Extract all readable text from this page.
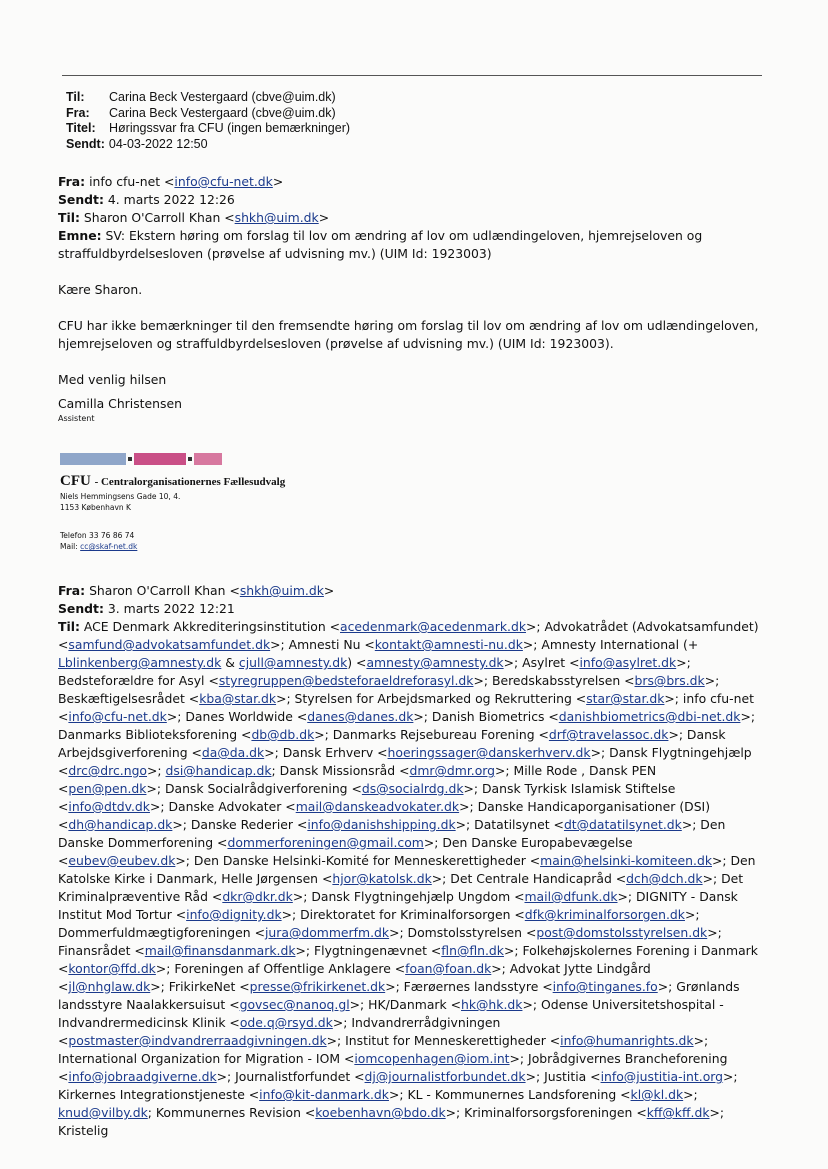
Til: Carina Beck Vestergaard (cbve@uim.dk)
Fra: Carina Beck Vestergaard (cbve@uim.dk)
Titel: Høringssvar fra CFU (ingen bemærkninger)
Sendt: 04-03-2022 12:50
Fra: info cfu-net <info@cfu-net.dk>
Sendt: 4. marts 2022 12:26
Til: Sharon O'Carroll Khan <shkh@uim.dk>
Emne: SV: Ekstern høring om forslag til lov om ændring af lov om udlændingeloven, hjemrejseloven og straffuldbyrdelsesloven (prøvelse af udvisning mv.) (UIM Id: 1923003)
Kære Sharon.
CFU har ikke bemærkninger til den fremsendte høring om forslag til lov om ændring af lov om udlændingeloven, hjemrejseloven og straffuldbyrdelsesloven (prøvelse af udvisning mv.) (UIM Id: 1923003).
Med venlig hilsen
Camilla Christensen
Assistent
CFU - Centralorganisationernes Fællesudvalg
Niels Hemmingsens Gade 10, 4.
1153 København K
Telefon 33 76 86 74
Mail: cc@skaf-net.dk
Fra: Sharon O'Carroll Khan <shkh@uim.dk>
Sendt: 3. marts 2022 12:21
Til: ACE Denmark Akkrediteringsinstitution <acedenmark@acedenmark.dk>; Advokatrådet (Advokatsamfundet) <samfund@advokatsamfundet.dk>; Amnesti Nu <kontakt@amnesti-nu.dk>; Amnesty International (+ Lblinkenberg@amnesty.dk & cjull@amnesty.dk) <amnesty@amnesty.dk>; Asylret <info@asylret.dk>; Bedsteforældre for Asyl <styregruppen@bedsteforaeldreforasyl.dk>; Beredskabsstyrelsen <brs@brs.dk>; Beskæftigelsesrådet <kba@star.dk>; Styrelsen for Arbejdsmarked og Rekruttering <star@star.dk>; info cfu-net <info@cfu-net.dk>; Danes Worldwide <danes@danes.dk>; Danish Biometrics <danishbiometrics@dbi-net.dk>; Danmarks Biblioteksforening <db@db.dk>; Danmarks Rejsebureau Forening <drf@travelassoc.dk>; Dansk Arbejdsgiverforening <da@da.dk>; Dansk Erhverv <hoeringssager@danskerhverv.dk>; Dansk Flygtningehjælp <drc@drc.ngo>; dsi@handicap.dk; Dansk Missionsråd <dmr@dmr.org>; Mille Rode , Dansk PEN <pen@pen.dk>; Dansk Socialrådgiverforening <ds@socialrdg.dk>; Dansk Tyrkisk Islamisk Stiftelse <info@dtdv.dk>; Danske Advokater <mail@danskeadvokater.dk>; Danske Handicaporganisationer (DSI) <dh@handicap.dk>; Danske Rederier <info@danishshipping.dk>; Datatilsynet <dt@datatilsynet.dk>; Den Danske Dommerforening <dommerforeningen@gmail.com>; Den Danske Europabevægelse <eubev@eubev.dk>; Den Danske Helsinki-Komité for Menneskerettigheder <main@helsinki-komiteen.dk>; Den Katolske Kirke i Danmark, Helle Jørgensen <hjor@katolsk.dk>; Det Centrale Handicapråd <dch@dch.dk>; Det Kriminalpræventive Råd <dkr@dkr.dk>; Dansk Flygtningehjælp Ungdom <mail@dfunk.dk>; DIGNITY - Dansk Institut Mod Tortur <info@dignity.dk>; Direktoratet for Kriminalforsorgen <dfk@kriminalforsorgen.dk>; Dommerfuldmægtigforeningen <jura@dommerfm.dk>; Domstolsstyrelsen <post@domstolsstyrelsen.dk>; Finansrådet <mail@finansdanmark.dk>; Flygtningenævnet <fln@fln.dk>; Folkehøjskolernes Forening i Danmark <kontor@ffd.dk>; Foreningen af Offentlige Anklagere <foan@foan.dk>; Advokat Jytte Lindgård <jl@nhglaw.dk>; FrikirkeNet <presse@frikirkenet.dk>; Færøernes landsstyre <info@tinganes.fo>; Grønlands landsstyre Naalakkersuisut <govsec@nanoq.gl>; HK/Danmark <hk@hk.dk>; Odense Universitetshospital - Indvandrermedicinsk Klinik <ode.q@rsyd.dk>; Indvandrerrådgivningen <postmaster@indvandrerraadgivningen.dk>; Institut for Menneskerettigheder <info@humanrights.dk>; International Organization for Migration - IOM <iomcopenhagen@iom.int>; Jobrådgivernes Brancheforening <info@jobraadgiverne.dk>; Journalistforfundet <dj@journalistforbundet.dk>; Justitia <info@justitia-int.org>; Kirkernes Integrationstjeneste <info@kit-danmark.dk>; KL - Kommunernes Landsforening <kl@kl.dk>; knud@vilby.dk; Kommunernes Revision <koebenhavn@bdo.dk>; Kriminalforsorgsforeningen <kff@kff.dk>; Kristelig
